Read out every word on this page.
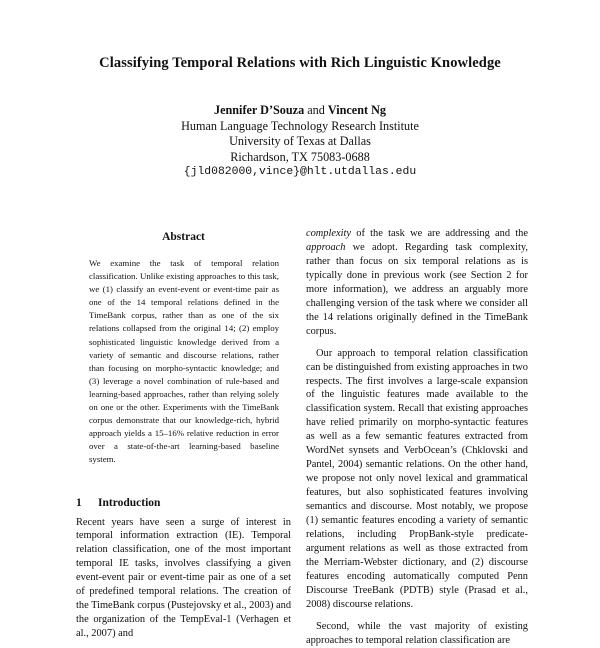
Classifying Temporal Relations with Rich Linguistic Knowledge
Jennifer D’Souza and Vincent Ng
Human Language Technology Research Institute
University of Texas at Dallas
Richardson, TX 75083-0688
{jld082000,vince}@hlt.utdallas.edu
Abstract

We examine the task of temporal relation classification. Unlike existing approaches to this task, we (1) classify an event-event or event-time pair as one of the 14 temporal relations defined in the TimeBank corpus, rather than as one of the six relations collapsed from the original 14; (2) employ sophisticated linguistic knowledge derived from a variety of semantic and discourse relations, rather than focusing on morpho-syntactic knowledge; and (3) leverage a novel combination of rule-based and learning-based approaches, rather than relying solely on one or the other. Experiments with the TimeBank corpus demonstrate that our knowledge-rich, hybrid approach yields a 15–16% relative reduction in error over a state-of-the-art learning-based baseline system.

1 Introduction

Recent years have seen a surge of interest in temporal information extraction (IE). Temporal relation classification, one of the most important temporal IE tasks, involves classifying a given event-event pair or event-time pair as one of a set of predefined temporal relations. The creation of the TimeBank corpus (Pustejovsky et al., 2003) and the organization of the TempEval-1 (Verhagen et al., 2007) and

complexity of the task we are addressing and the approach we adopt. Regarding task complexity, rather than focus on six temporal relations as is typically done in previous work (see Section 2 for more information), we address an arguably more challenging version of the task where we consider all the 14 relations originally defined in the TimeBank corpus.

Our approach to temporal relation classification can be distinguished from existing approaches in two respects. The first involves a large-scale expansion of the linguistic features made available to the classification system. Recall that existing approaches have relied primarily on morpho-syntactic features as well as a few semantic features extracted from WordNet synsets and VerbOcean’s (Chklovski and Pantel, 2004) semantic relations. On the other hand, we propose not only novel lexical and grammatical features, but also sophisticated features involving semantics and discourse. Most notably, we propose (1) semantic features encoding a variety of semantic relations, including PropBank-style predicate-argument relations as well as those extracted from the Merriam-Webster dictionary, and (2) discourse features encoding automatically computed Penn Discourse TreeBank (PDTB) style (Prasad et al., 2008) discourse relations.

Second, while the vast majority of existing approaches to temporal relation classification are
